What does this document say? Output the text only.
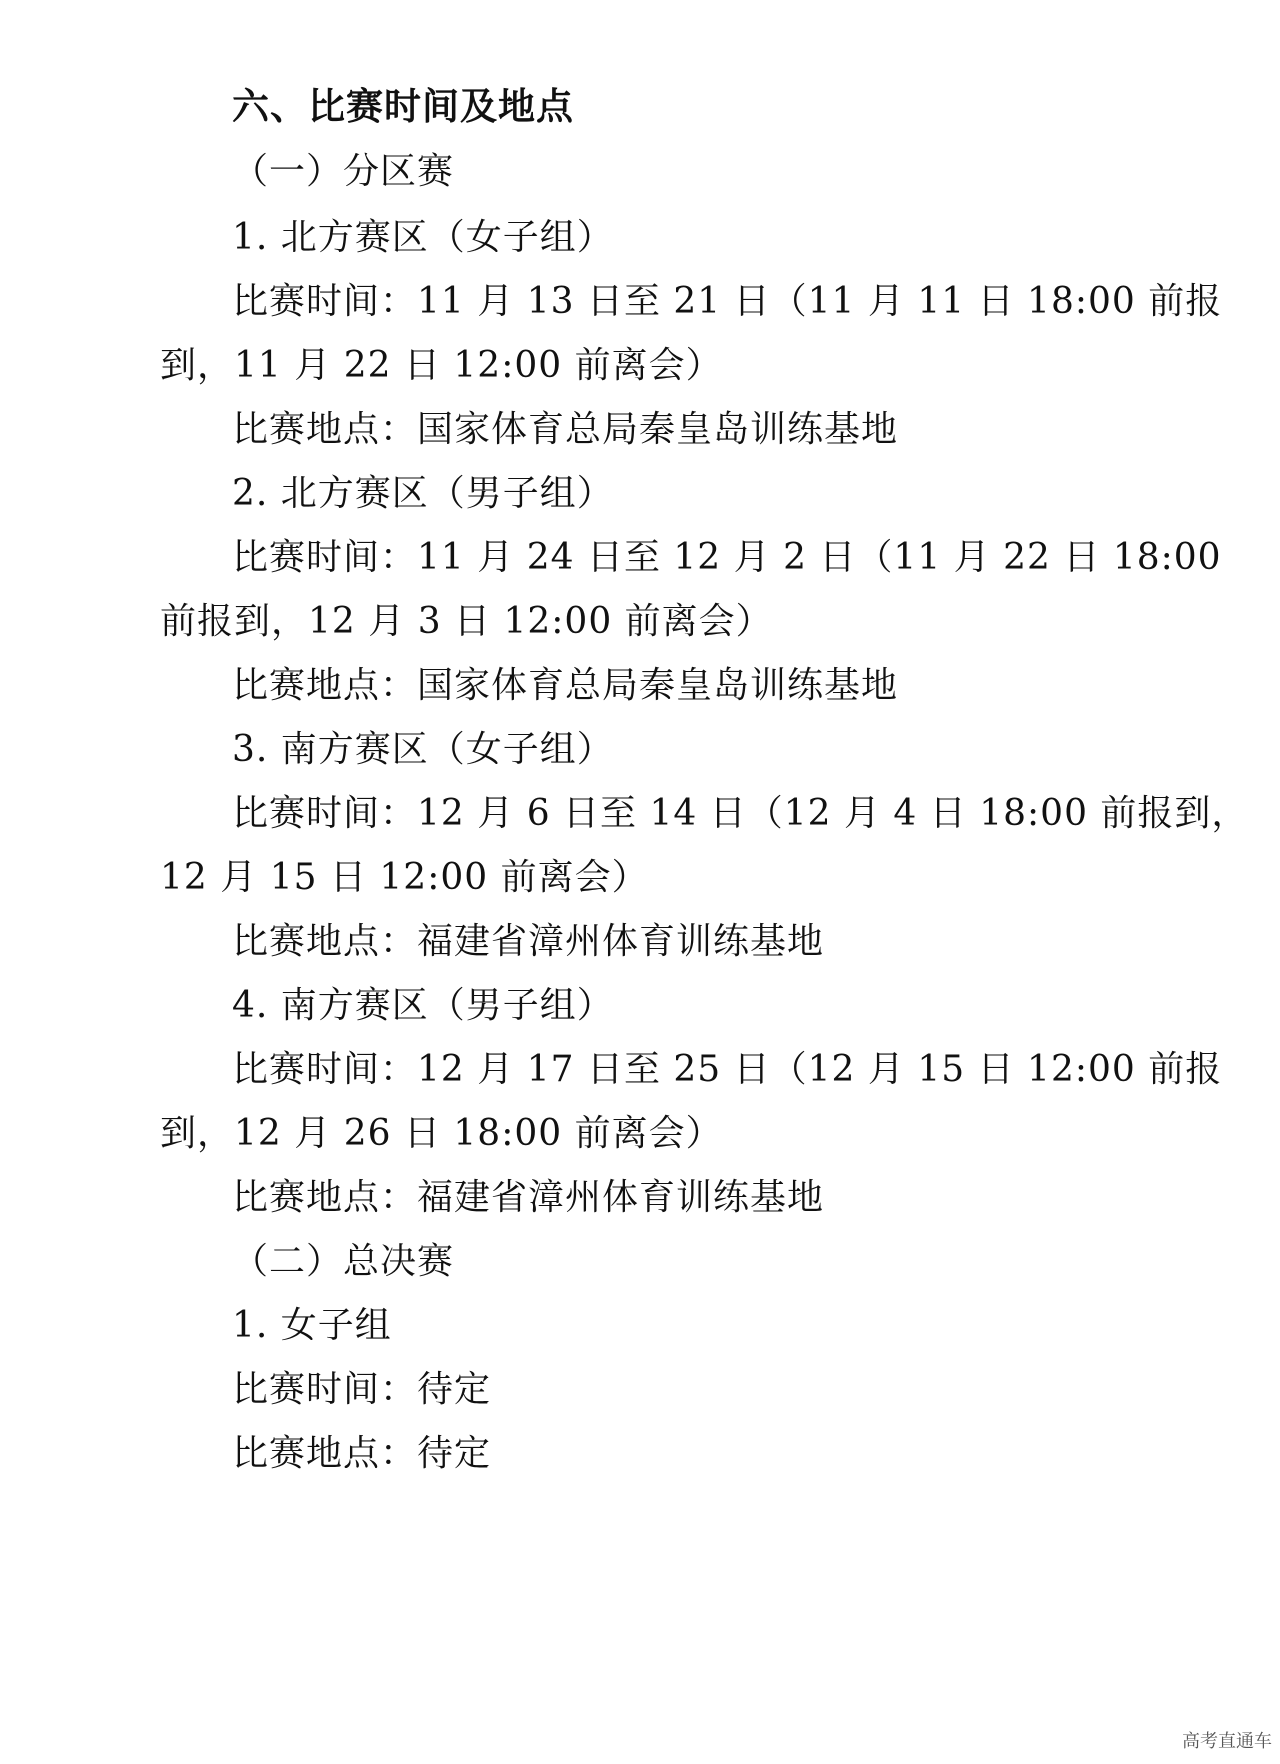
六、比赛时间及地点
（一）分区赛
1. 北方赛区（女子组）
比赛时间：11 月 13 日至 21 日（11 月 11 日 18:00 前报
到，11 月 22 日 12:00 前离会）
比赛地点：国家体育总局秦皇岛训练基地
2. 北方赛区（男子组）
比赛时间：11 月 24 日至 12 月 2 日（11 月 22 日 18:00
前报到，12 月 3 日 12:00 前离会）
比赛地点：国家体育总局秦皇岛训练基地
3. 南方赛区（女子组）
比赛时间：12 月 6 日至 14 日（12 月 4 日 18:00 前报到，
12 月 15 日 12:00 前离会）
比赛地点：福建省漳州体育训练基地
4. 南方赛区（男子组）
比赛时间：12 月 17 日至 25 日（12 月 15 日 12:00 前报
到，12 月 26 日 18:00 前离会）
比赛地点：福建省漳州体育训练基地
（二）总决赛
1. 女子组
比赛时间：待定
比赛地点：待定
高考直通车
